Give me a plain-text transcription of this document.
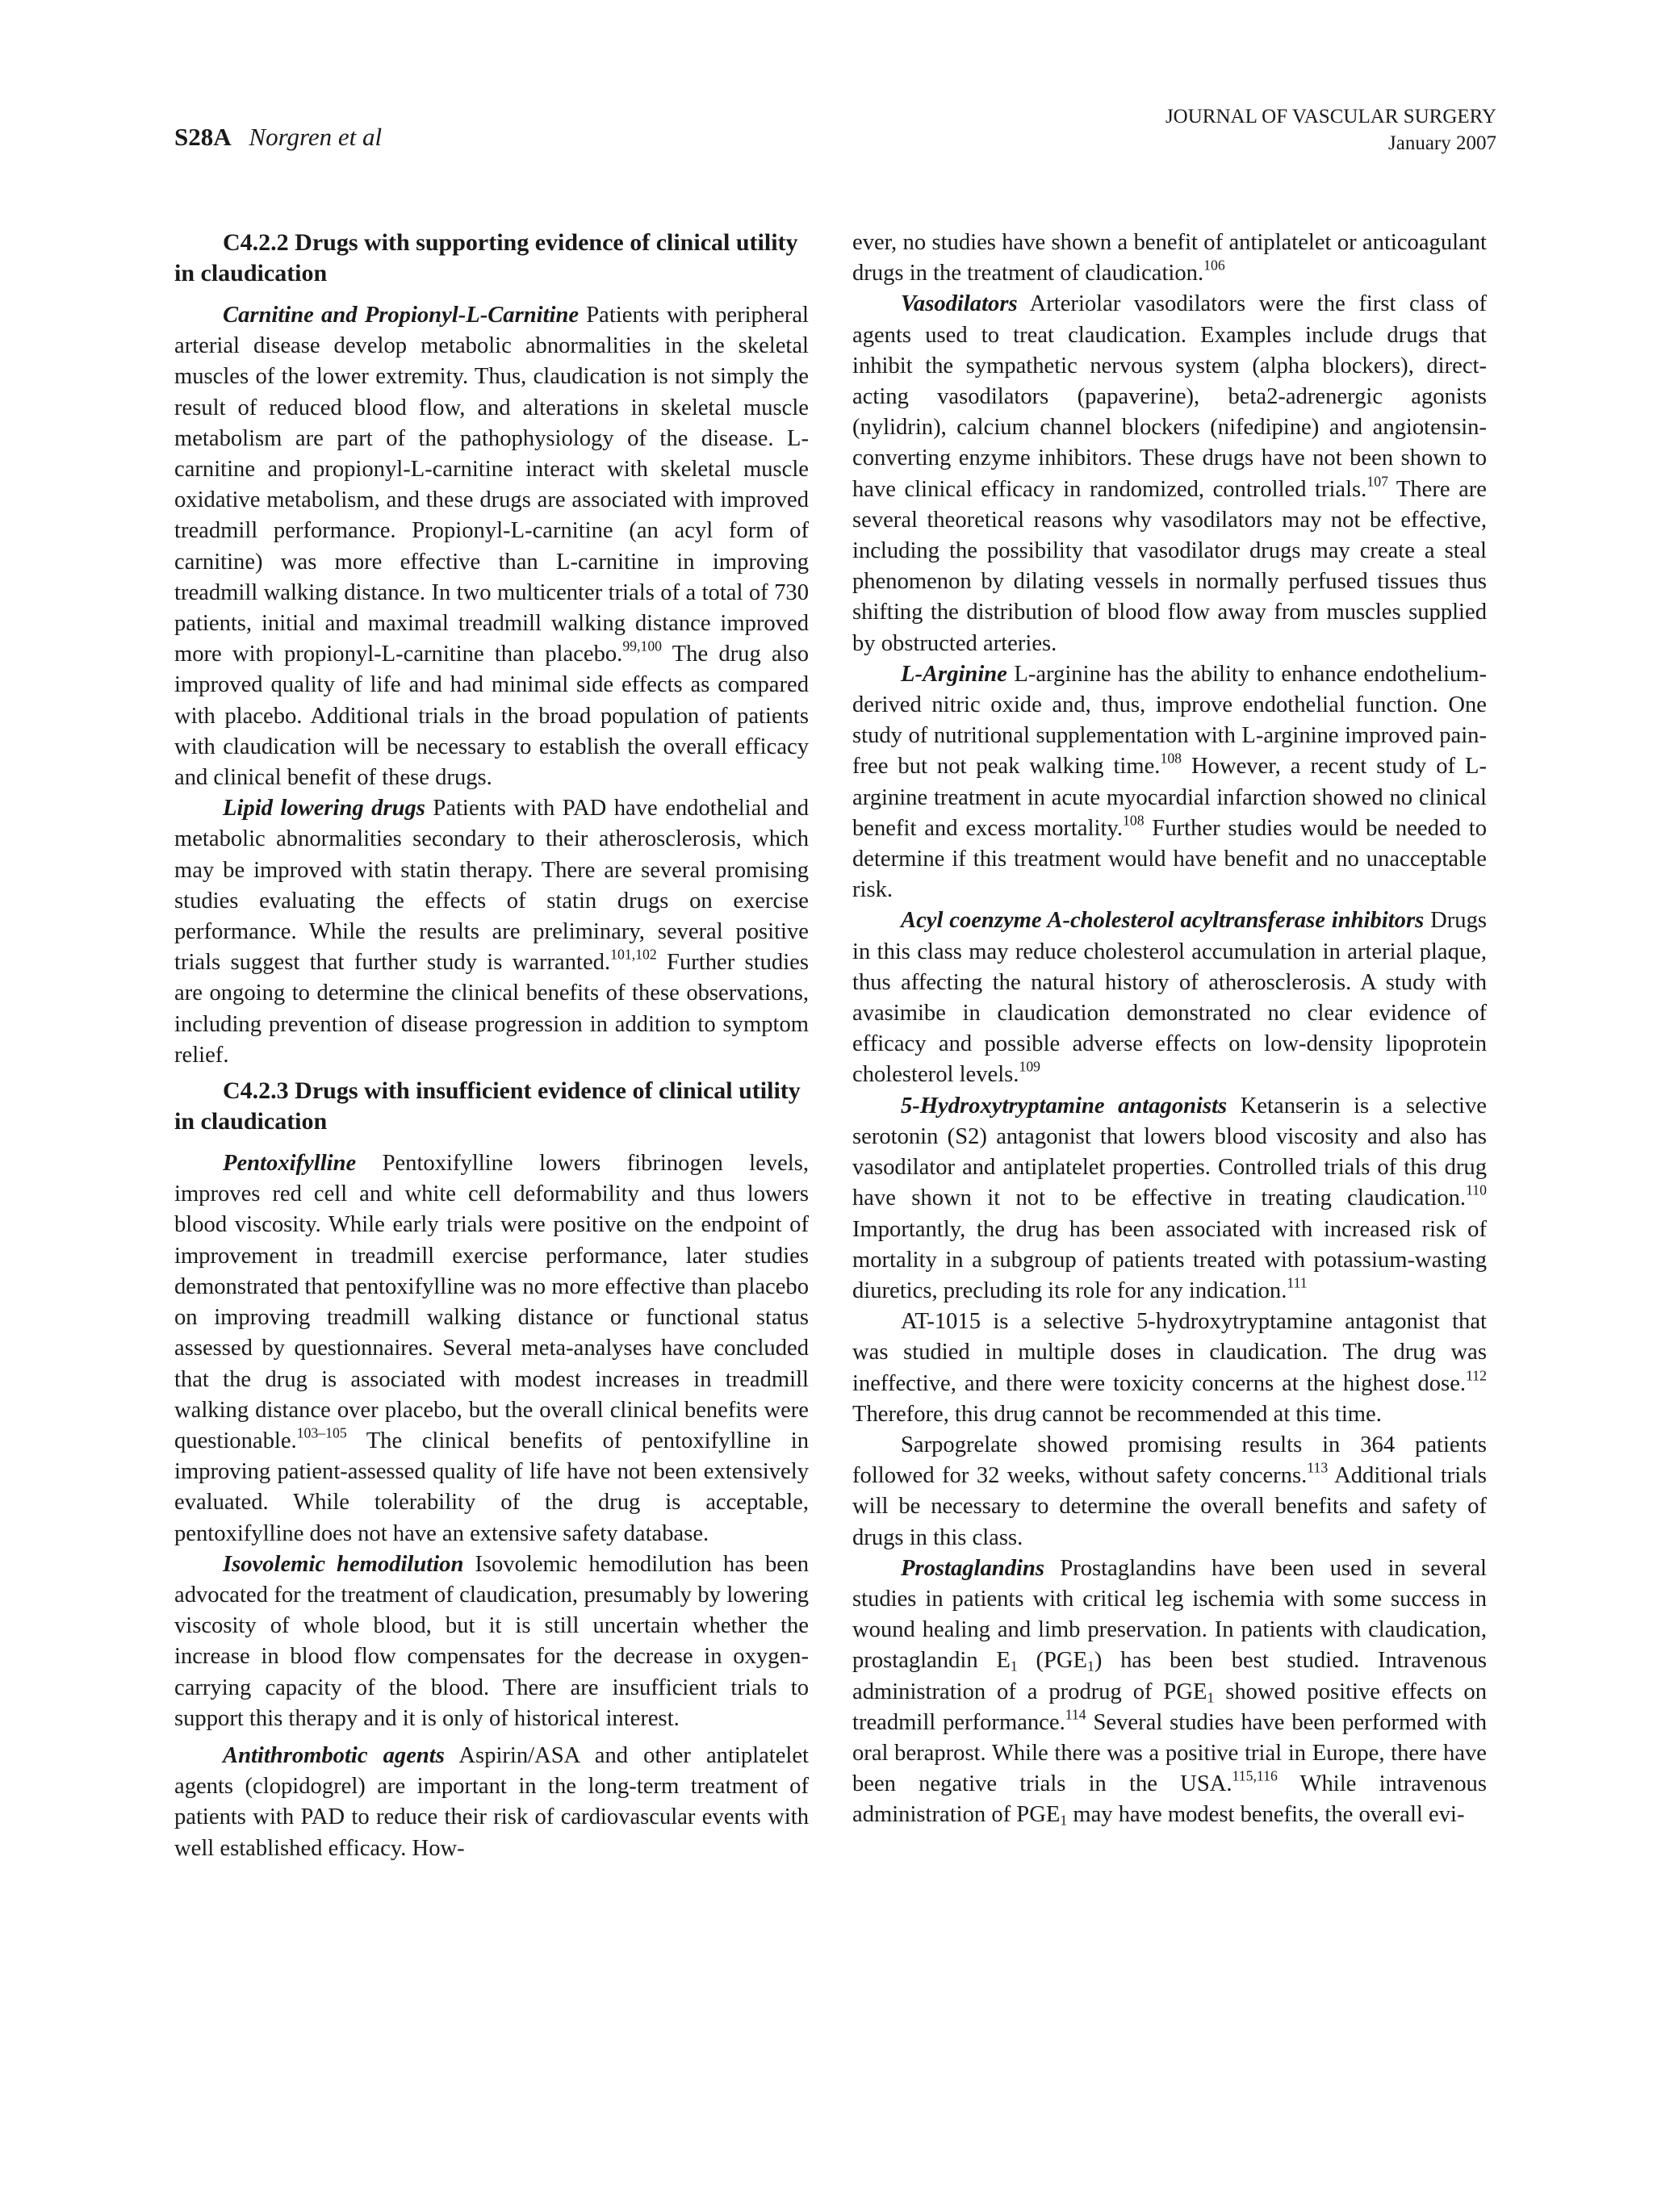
S28A Norgren et al
JOURNAL OF VASCULAR SURGERY
January 2007
C4.2.2 Drugs with supporting evidence of clinical utility in claudication

Carnitine and Propionyl-L-Carnitine Patients with peripheral arterial disease develop metabolic abnormalities in the skeletal muscles of the lower extremity. Thus, claudication is not simply the result of reduced blood flow, and alterations in skeletal muscle metabolism are part of the pathophysiology of the disease. L-carnitine and propionyl-L-carnitine interact with skeletal muscle oxidative metabolism, and these drugs are associated with improved treadmill performance. Propionyl-L-carnitine (an acyl form of carnitine) was more effective than L-carnitine in improving treadmill walking distance. In two multicenter trials of a total of 730 patients, initial and maximal treadmill walking distance improved more with propionyl-L-carnitine than placebo.$^{99,100}$ The drug also improved quality of life and had minimal side effects as compared with placebo. Additional trials in the broad population of patients with claudication will be necessary to establish the overall efficacy and clinical benefit of these drugs.

Lipid lowering drugs Patients with PAD have endothelial and metabolic abnormalities secondary to their atherosclerosis, which may be improved with statin therapy. There are several promising studies evaluating the effects of statin drugs on exercise performance. While the results are preliminary, several positive trials suggest that further study is warranted.$^{101,102}$ Further studies are ongoing to determine the clinical benefits of these observations, including prevention of disease progression in addition to symptom relief.

C4.2.3 Drugs with insufficient evidence of clinical utility in claudication

Pentoxifylline Pentoxifylline lowers fibrinogen levels, improves red cell and white cell deformability and thus lowers blood viscosity. While early trials were positive on the endpoint of improvement in treadmill exercise performance, later studies demonstrated that pentoxifylline was no more effective than placebo on improving treadmill walking distance or functional status assessed by questionnaires. Several meta-analyses have concluded that the drug is associated with modest increases in treadmill walking distance over placebo, but the overall clinical benefits were questionable.$^{103-105}$ The clinical benefits of pentoxifylline in improving patient-assessed quality of life have not been extensively evaluated. While tolerability of the drug is acceptable, pentoxifylline does not have an extensive safety database.

Isovolemic hemodilution Isovolemic hemodilution has been advocated for the treatment of claudication, presumably by lowering viscosity of whole blood, but it is still uncertain whether the increase in blood flow compensates for the decrease in oxygen-carrying capacity of the blood. There are insufficient trials to support this therapy and it is only of historical interest.

Antithrombotic agents Aspirin/ASA and other antiplatelet agents (clopidogrel) are important in the long-term treatment of patients with PAD to reduce their risk of cardiovascular events with well established efficacy. How-

ever, no studies have shown a benefit of antiplatelet or anticoagulant drugs in the treatment of claudication.$^{106}$

Vasodilators Arteriolar vasodilators were the first class of agents used to treat claudication. Examples include drugs that inhibit the sympathetic nervous system (alpha blockers), direct-acting vasodilators (papaverine), beta2-adrenergic agonists (nylidrin), calcium channel blockers (nifedipine) and angiotensin-converting enzyme inhibitors. These drugs have not been shown to have clinical efficacy in randomized, controlled trials.$^{107}$ There are several theoretical reasons why vasodilators may not be effective, including the possibility that vasodilator drugs may create a steal phenomenon by dilating vessels in normally perfused tissues thus shifting the distribution of blood flow away from muscles supplied by obstructed arteries.

L-Arginine L-arginine has the ability to enhance endothelium-derived nitric oxide and, thus, improve endothelial function. One study of nutritional supplementation with L-arginine improved pain-free but not peak walking time.$^{108}$ However, a recent study of L-arginine treatment in acute myocardial infarction showed no clinical benefit and excess mortality.$^{108}$ Further studies would be needed to determine if this treatment would have benefit and no unacceptable risk.

Acyl coenzyme A-cholesterol acyltransferase inhibitors Drugs in this class may reduce cholesterol accumulation in arterial plaque, thus affecting the natural history of atherosclerosis. A study with avasimibe in claudication demonstrated no clear evidence of efficacy and possible adverse effects on low-density lipoprotein cholesterol levels.$^{109}$

5-Hydroxytryptamine antagonists Ketanserin is a selective serotonin (S2) antagonist that lowers blood viscosity and also has vasodilator and antiplatelet properties. Controlled trials of this drug have shown it not to be effective in treating claudication.$^{110}$ Importantly, the drug has been associated with increased risk of mortality in a subgroup of patients treated with potassium-wasting diuretics, precluding its role for any indication.$^{111}$

AT-1015 is a selective 5-hydroxytryptamine antagonist that was studied in multiple doses in claudication. The drug was ineffective, and there were toxicity concerns at the highest dose.$^{112}$ Therefore, this drug cannot be recommended at this time.

Sarpogrelate showed promising results in 364 patients followed for 32 weeks, without safety concerns.$^{113}$ Additional trials will be necessary to determine the overall benefits and safety of drugs in this class.

Prostaglandins Prostaglandins have been used in several studies in patients with critical leg ischemia with some success in wound healing and limb preservation. In patients with claudication, prostaglandin $E_1$ $(PGE_1)$ has been best studied. Intravenous administration of a prodrug of $PGE_1$ showed positive effects on treadmill performance.$^{114}$ Several studies have been performed with oral beraprost. While there was a positive trial in Europe, there have been negative trials in the USA.$^{115,116}$ While intravenous administration of $PGE_1$ may have modest benefits, the overall evi-
